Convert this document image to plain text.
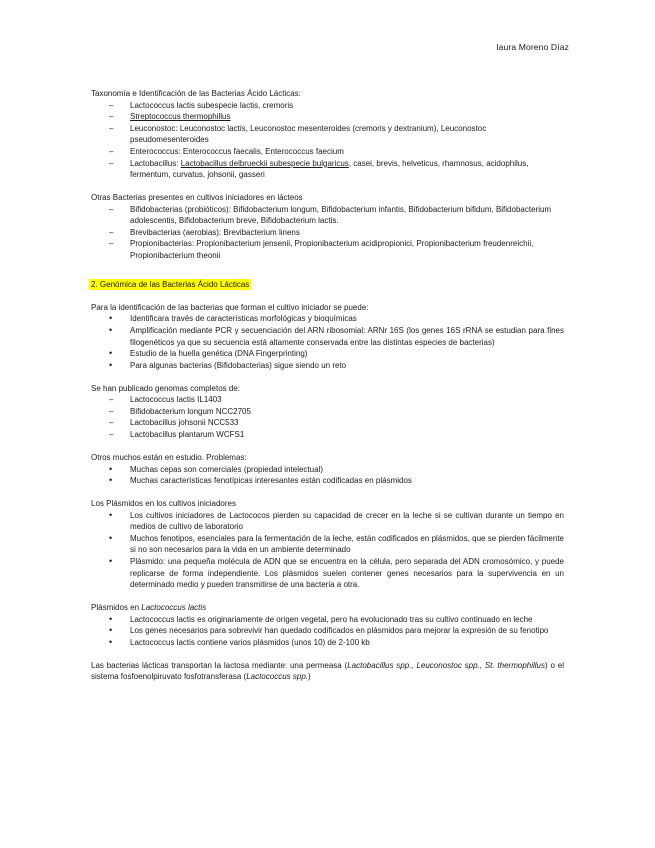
laura Moreno Díaz

Taxonomía e Identificación de las Bacterias Ácido Lácticas:

–
Lactococcus lactis subespecie lactis, cremoris
–
Streptococcus thermophillus
–
Leuconostoc: Leuconostoc lactis, Leuconostoc mesenteroides (cremoris y dextranium), Leuconostoc pseudomesenteroides
–
Enterococcus: Enterococcus faecalis, Enterococcus faecium
–
Lactobacillus: Lactobacillus delbrueckii subespecie bulgaricus, casei, brevis, helveticus, rhamnosus, acidophilus, fermentum, curvatus, johsonii, gasseri

Otras Bacterias presentes en cultivos iniciadores en lácteos

–
Bifidobacterias (probióticos): Bifidobacterium longum, Bifidobacterium infantis, Bifidobacterium bifidum, Bifidobacterium adolescentis, Bifidobacterium breve, Bifidobacterium lactis.
–
Brevibacterias (aerobias): Brevibacterium linens
–
Propionibacterias: Propionibacterium jensenii, Propionibacterium acidipropionici, Propionibacterium freudenreichii, Propionibacterium theonii

2. Genómica de las Bacterias Ácido Lácticas

Para la identificación de las bacterias que forman el cultivo iniciador se puede:

•
Identificara través de características morfológicas y bioquímicas
•
Amplificación mediante PCR y secuenciación del ARN ribosomial: ARNr 16S (los genes 16S rRNA se estudian para fines filogenéticos ya que su secuencia está altamente conservada entre las distintas especies de bacterias)
•
Estudio de la huella genética (DNA Fingerprinting)
•
Para algunas bacterias (Bifidobacterias) sigue siendo un reto

Se han publicado genomas completos de:

–
Lactococcus lactis IL1403
–
Bifidobacterium longum NCC2705
–
Lactobacillus johsonii NCC533
–
Lactobacillus plantarum WCFS1

Otros muchos están en estudio. Problemas:

•
Muchas cepas son comerciales (propiedad intelectual)
•
Muchas características fenotípicas interesantes están codificadas en plásmidos

Los Plásmidos en los cultivos iniciadores

•
Los cultivos iniciadores de Lactococos pierden su capacidad de crecer en la leche si se cultivan durante un tiempo en medios de cultivo de laboratorio
•
Muchos fenotipos, esenciales para la fermentación de la leche, están codificados en plásmidos, que se pierden fácilmente si no son necesarios para la vida en un ambiente determinado
•
Plásmido: una pequeña molécula de ADN que se encuentra en la célula, pero separada del ADN cromosómico, y puede replicarse de forma independiente. Los plásmidos suelen contener genes necesarios para la supervivencia en un determinado medio y pueden transmitirse de una bacteria a otra.

Plásmidos en Lactococcus lactis

•
Lactococcus lactis es originariamente de origen vegetal, pero ha evolucionado tras su cultivo continuado en leche
•
Los genes necesarios para sobrevivir han quedado codificados en plásmidos para mejorar la expresión de su fenotipo
•
Lactococcus lactis contiene varios plásmidos (unos 10) de 2-100 kb

Las bacterias lácticas transportan la lactosa mediante: una permeasa (Lactobacillus spp., Leuconostoc spp., St. thermophillus) o el sistema fosfoenolpiruvato fosfotransferasa (Lactococcus spp.)
